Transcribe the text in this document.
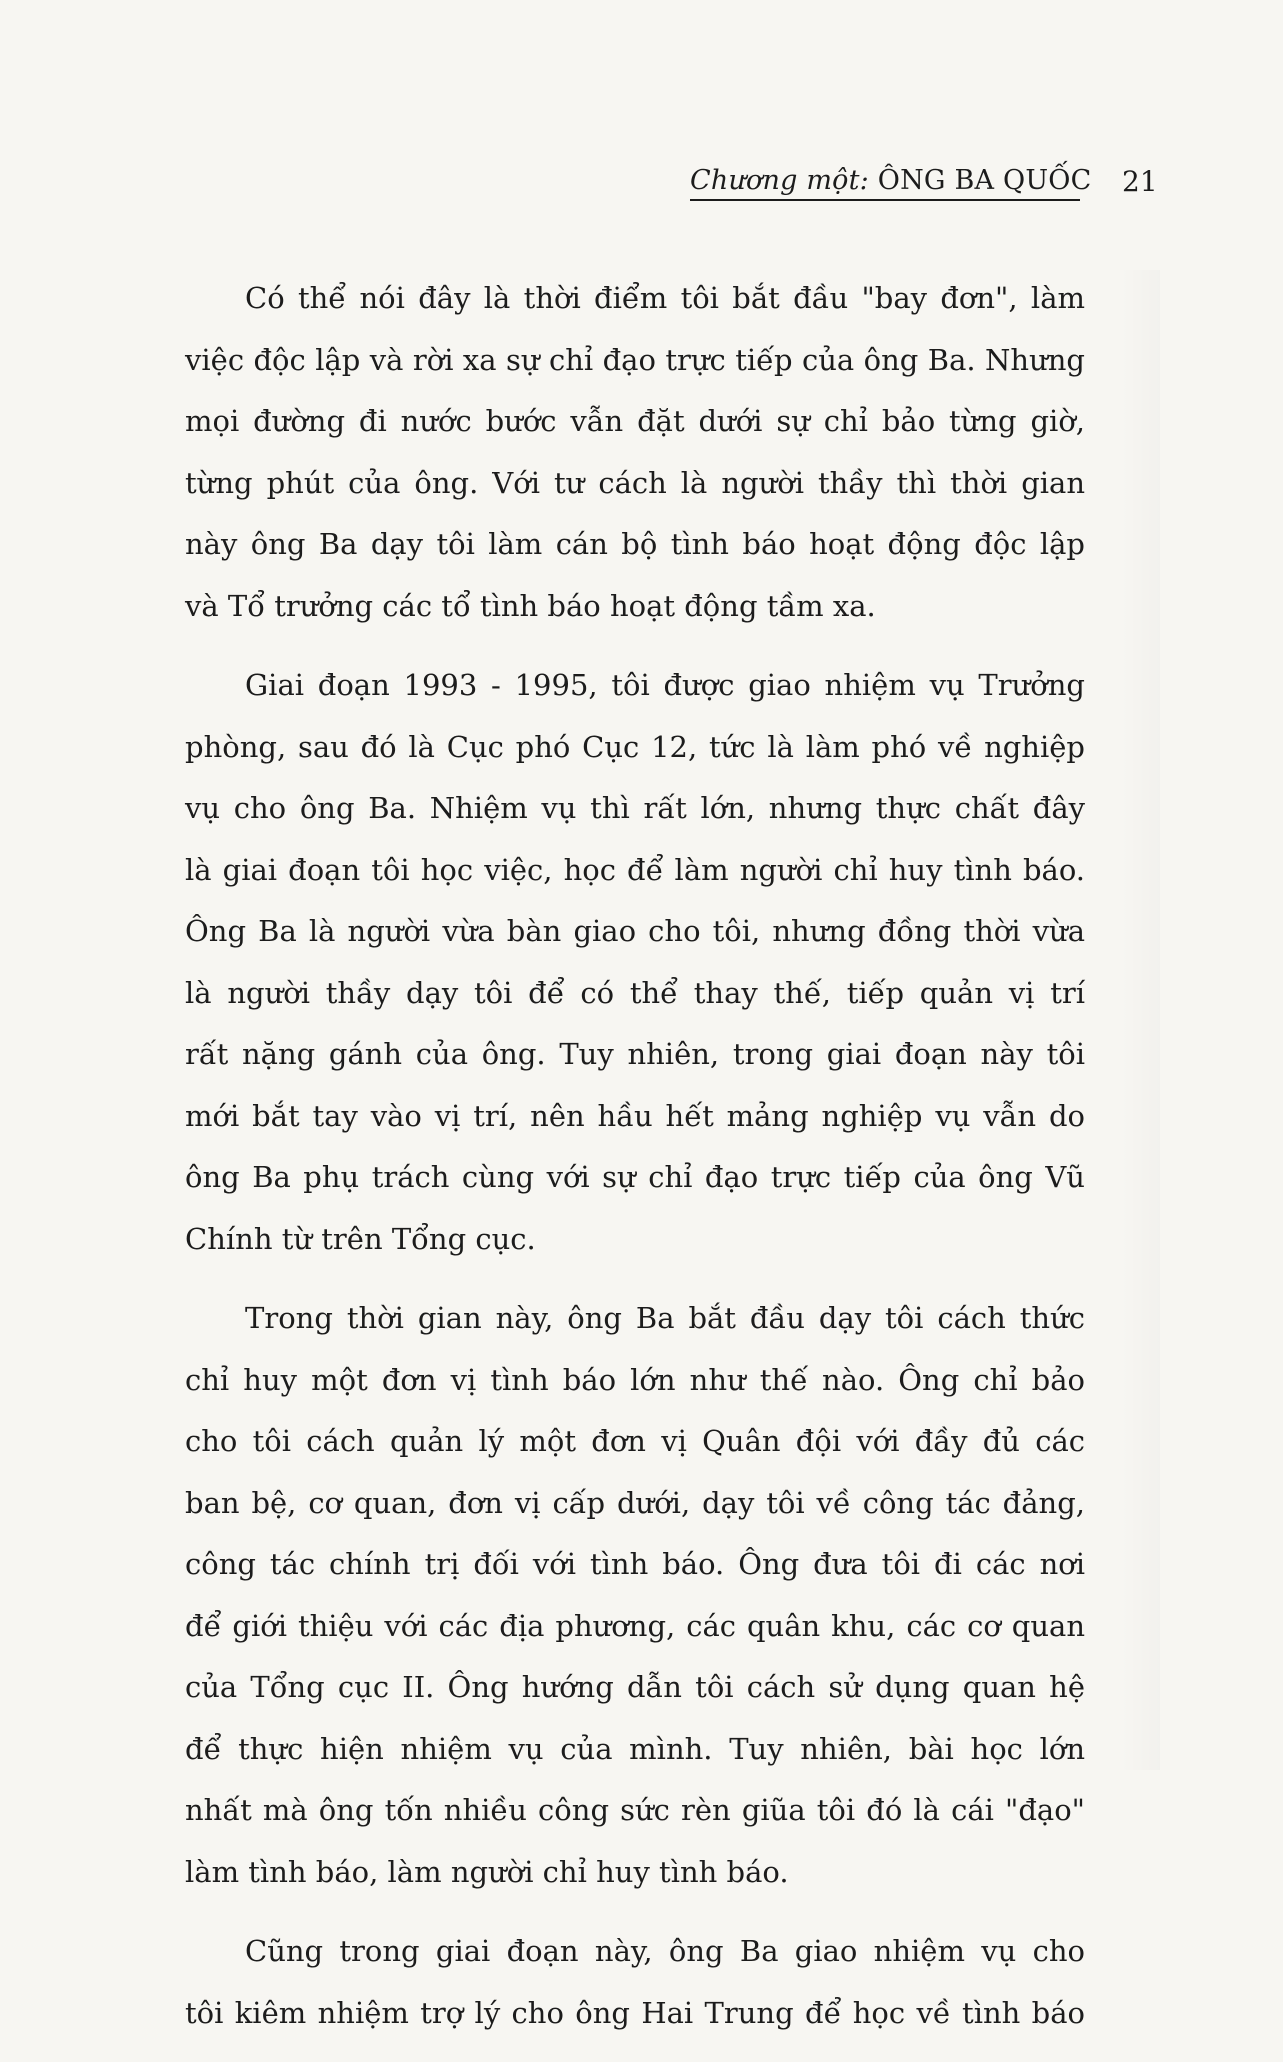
Chương một: ÔNG BA QUỐC 21
Có thể nói đây là thời điểm tôi bắt đầu "bay đơn", làm
việc độc lập và rời xa sự chỉ đạo trực tiếp của ông Ba. Nhưng
mọi đường đi nước bước vẫn đặt dưới sự chỉ bảo từng giờ,
từng phút của ông. Với tư cách là người thầy thì thời gian
này ông Ba dạy tôi làm cán bộ tình báo hoạt động độc lập
và Tổ trưởng các tổ tình báo hoạt động tầm xa.
Giai đoạn 1993 - 1995, tôi được giao nhiệm vụ Trưởng
phòng, sau đó là Cục phó Cục 12, tức là làm phó về nghiệp
vụ cho ông Ba. Nhiệm vụ thì rất lớn, nhưng thực chất đây
là giai đoạn tôi học việc, học để làm người chỉ huy tình báo.
Ông Ba là người vừa bàn giao cho tôi, nhưng đồng thời vừa
là người thầy dạy tôi để có thể thay thế, tiếp quản vị trí
rất nặng gánh của ông. Tuy nhiên, trong giai đoạn này tôi
mới bắt tay vào vị trí, nên hầu hết mảng nghiệp vụ vẫn do
ông Ba phụ trách cùng với sự chỉ đạo trực tiếp của ông Vũ
Chính từ trên Tổng cục.
Trong thời gian này, ông Ba bắt đầu dạy tôi cách thức
chỉ huy một đơn vị tình báo lớn như thế nào. Ông chỉ bảo
cho tôi cách quản lý một đơn vị Quân đội với đầy đủ các
ban bệ, cơ quan, đơn vị cấp dưới, dạy tôi về công tác đảng,
công tác chính trị đối với tình báo. Ông đưa tôi đi các nơi
để giới thiệu với các địa phương, các quân khu, các cơ quan
của Tổng cục II. Ông hướng dẫn tôi cách sử dụng quan hệ
để thực hiện nhiệm vụ của mình. Tuy nhiên, bài học lớn
nhất mà ông tốn nhiều công sức rèn giũa tôi đó là cái "đạo"
làm tình báo, làm người chỉ huy tình báo.
Cũng trong giai đoạn này, ông Ba giao nhiệm vụ cho
tôi kiêm nhiệm trợ lý cho ông Hai Trung để học về tình báo
